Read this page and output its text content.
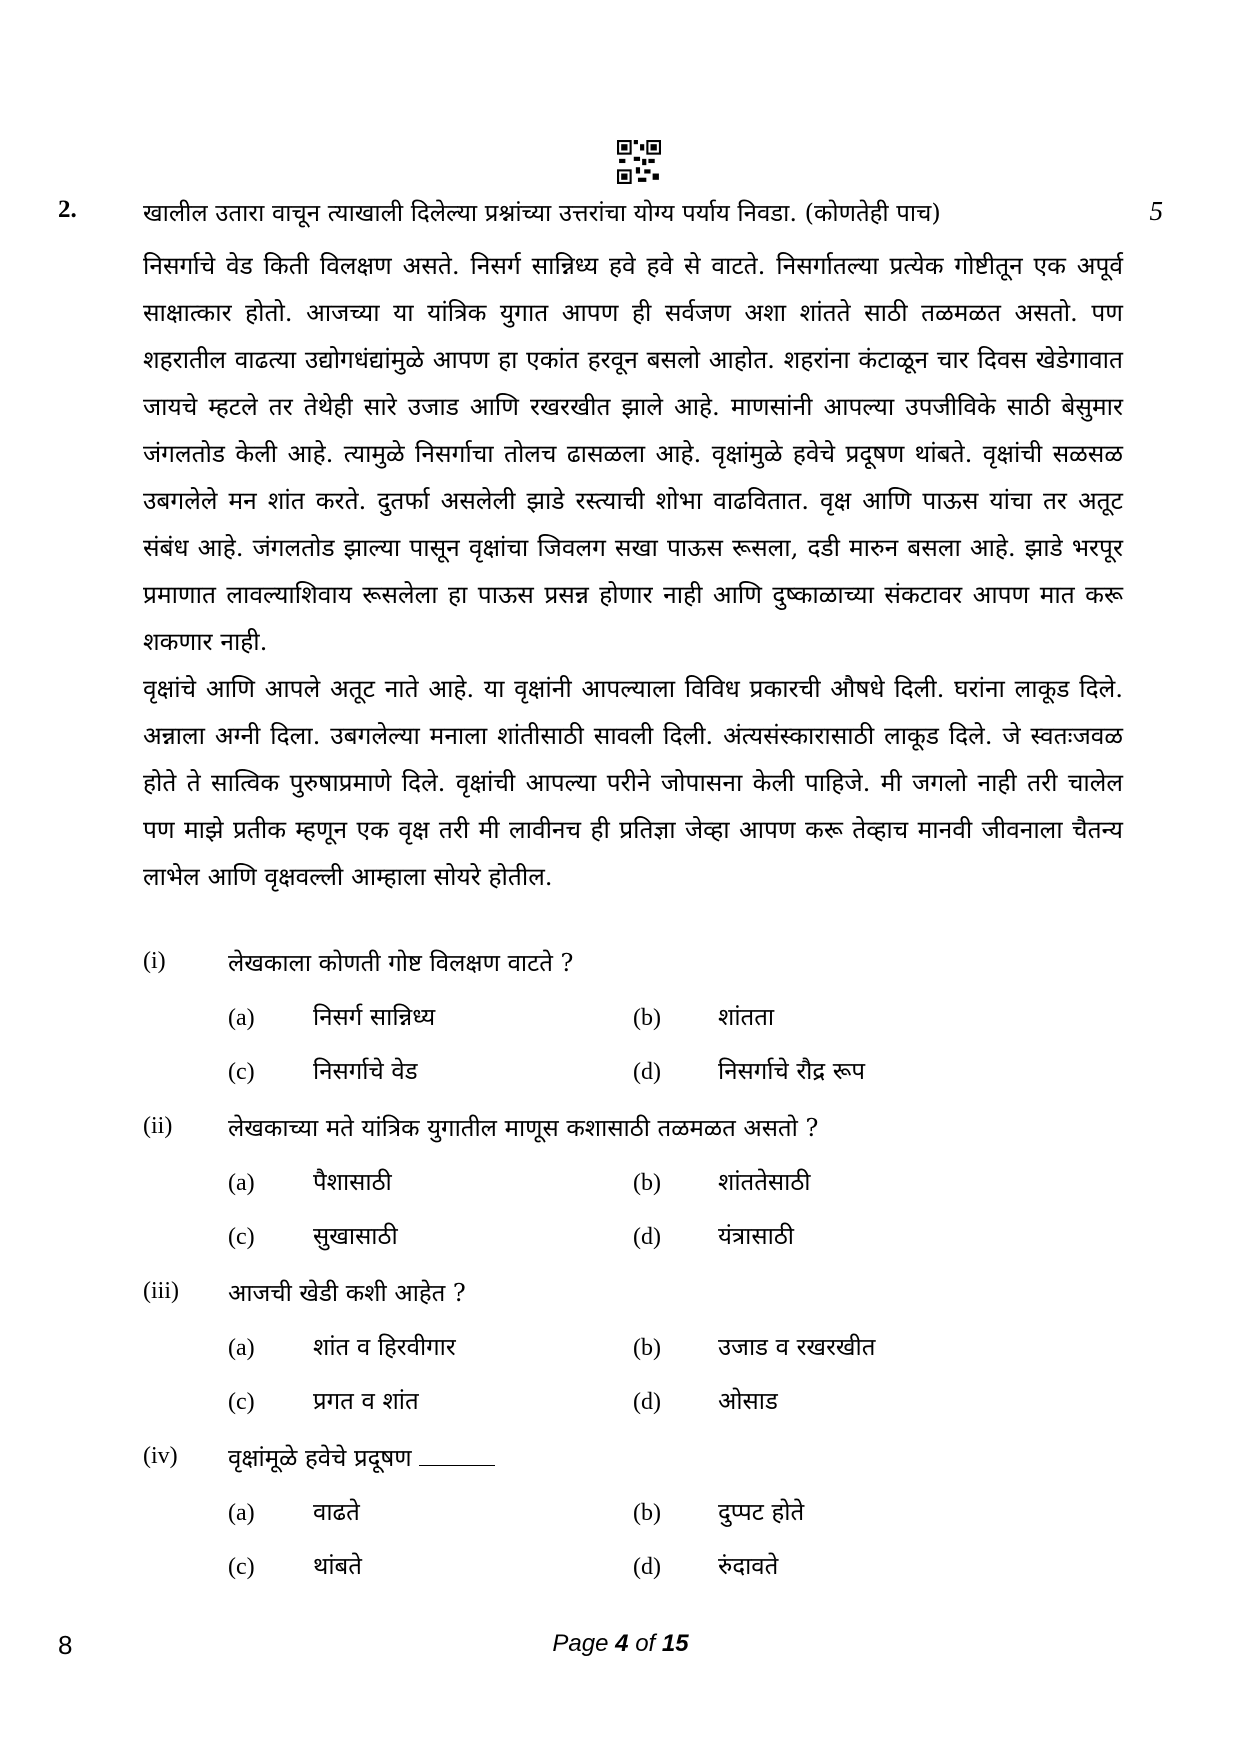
2.	खालील उतारा वाचून त्याखाली दिलेल्या प्रश्नांच्या उत्तरांचा योग्य पर्याय निवडा. (कोणतेही पाच)	5

निसर्गाचे वेड किती विलक्षण असते. निसर्ग सान्निध्य हवे हवे से वाटते. निसर्गातल्या प्रत्येक गोष्टीतून एक अपूर्व साक्षात्कार होतो. आजच्या या यांत्रिक युगात आपण ही सर्वजण अशा शांतते साठी तळमळत असतो. पण शहरातील वाढत्या उद्योगधंद्यांमुळे आपण हा एकांत हरवून बसलो आहोत. शहरांना कंटाळून चार दिवस खेडेगावात जायचे म्हटले तर तेथेही सारे उजाड आणि रखरखीत झाले आहे. माणसांनी आपल्या उपजीविके साठी बेसुमार जंगलतोड केली आहे. त्यामुळे निसर्गाचा तोलच ढासळला आहे. वृक्षांमुळे हवेचे प्रदूषण थांबते. वृक्षांची सळसळ उबगलेले मन शांत करते. दुतर्फा असलेली झाडे रस्त्याची शोभा वाढवितात. वृक्ष आणि पाऊस यांचा तर अतूट संबंध आहे. जंगलतोड झाल्या पासून वृक्षांचा जिवलग सखा पाऊस रूसला, दडी मारुन बसला आहे. झाडे भरपूर प्रमाणात लावल्याशिवाय रूसलेला हा पाऊस प्रसन्न होणार नाही आणि दुष्काळाच्या संकटावर आपण मात करू शकणार नाही.

वृक्षांचे आणि आपले अतूट नाते आहे. या वृक्षांनी आपल्याला विविध प्रकारची औषधे दिली. घरांना लाकूड दिले. अन्नाला अग्नी दिला. उबगलेल्या मनाला शांतीसाठी सावली दिली. अंत्यसंस्कारासाठी लाकूड दिले. जे स्वतःजवळ होते ते सात्विक पुरुषाप्रमाणे दिले. वृक्षांची आपल्या परीने जोपासना केली पाहिजे. मी जगलो नाही तरी चालेल पण माझे प्रतीक म्हणून एक वृक्ष तरी मी लावीनच ही प्रतिज्ञा जेव्हा आपण करू तेव्हाच मानवी जीवनाला चैतन्य लाभेल आणि वृक्षवल्ली आम्हाला सोयरे होतील.

(i)	लेखकाला कोणती गोष्ट विलक्षण वाटते ?
(a) निसर्ग सान्निध्य	(b) शांतता
(c) निसर्गाचे वेड	(d) निसर्गाचे रौद्र रूप
(ii) लेखकाच्या मते यांत्रिक युगातील माणूस कशासाठी तळमळत असतो ?
(a) पैशासाठी	(b) शांततेसाठी
(c) सुखासाठी	(d) यंत्रासाठी
(iii) आजची खेडी कशी आहेत ?
(a) शांत व हिरवीगार	(b) उजाड व रखरखीत
(c) प्रगत व शांत	(d) ओसाड
(iv) वृक्षांमूळे हवेचे प्रदूषण
(a) वाढते	(b) दुप्पट होते
(c) थांबते	(d) रुंदावते
8	Page 4 of 15
